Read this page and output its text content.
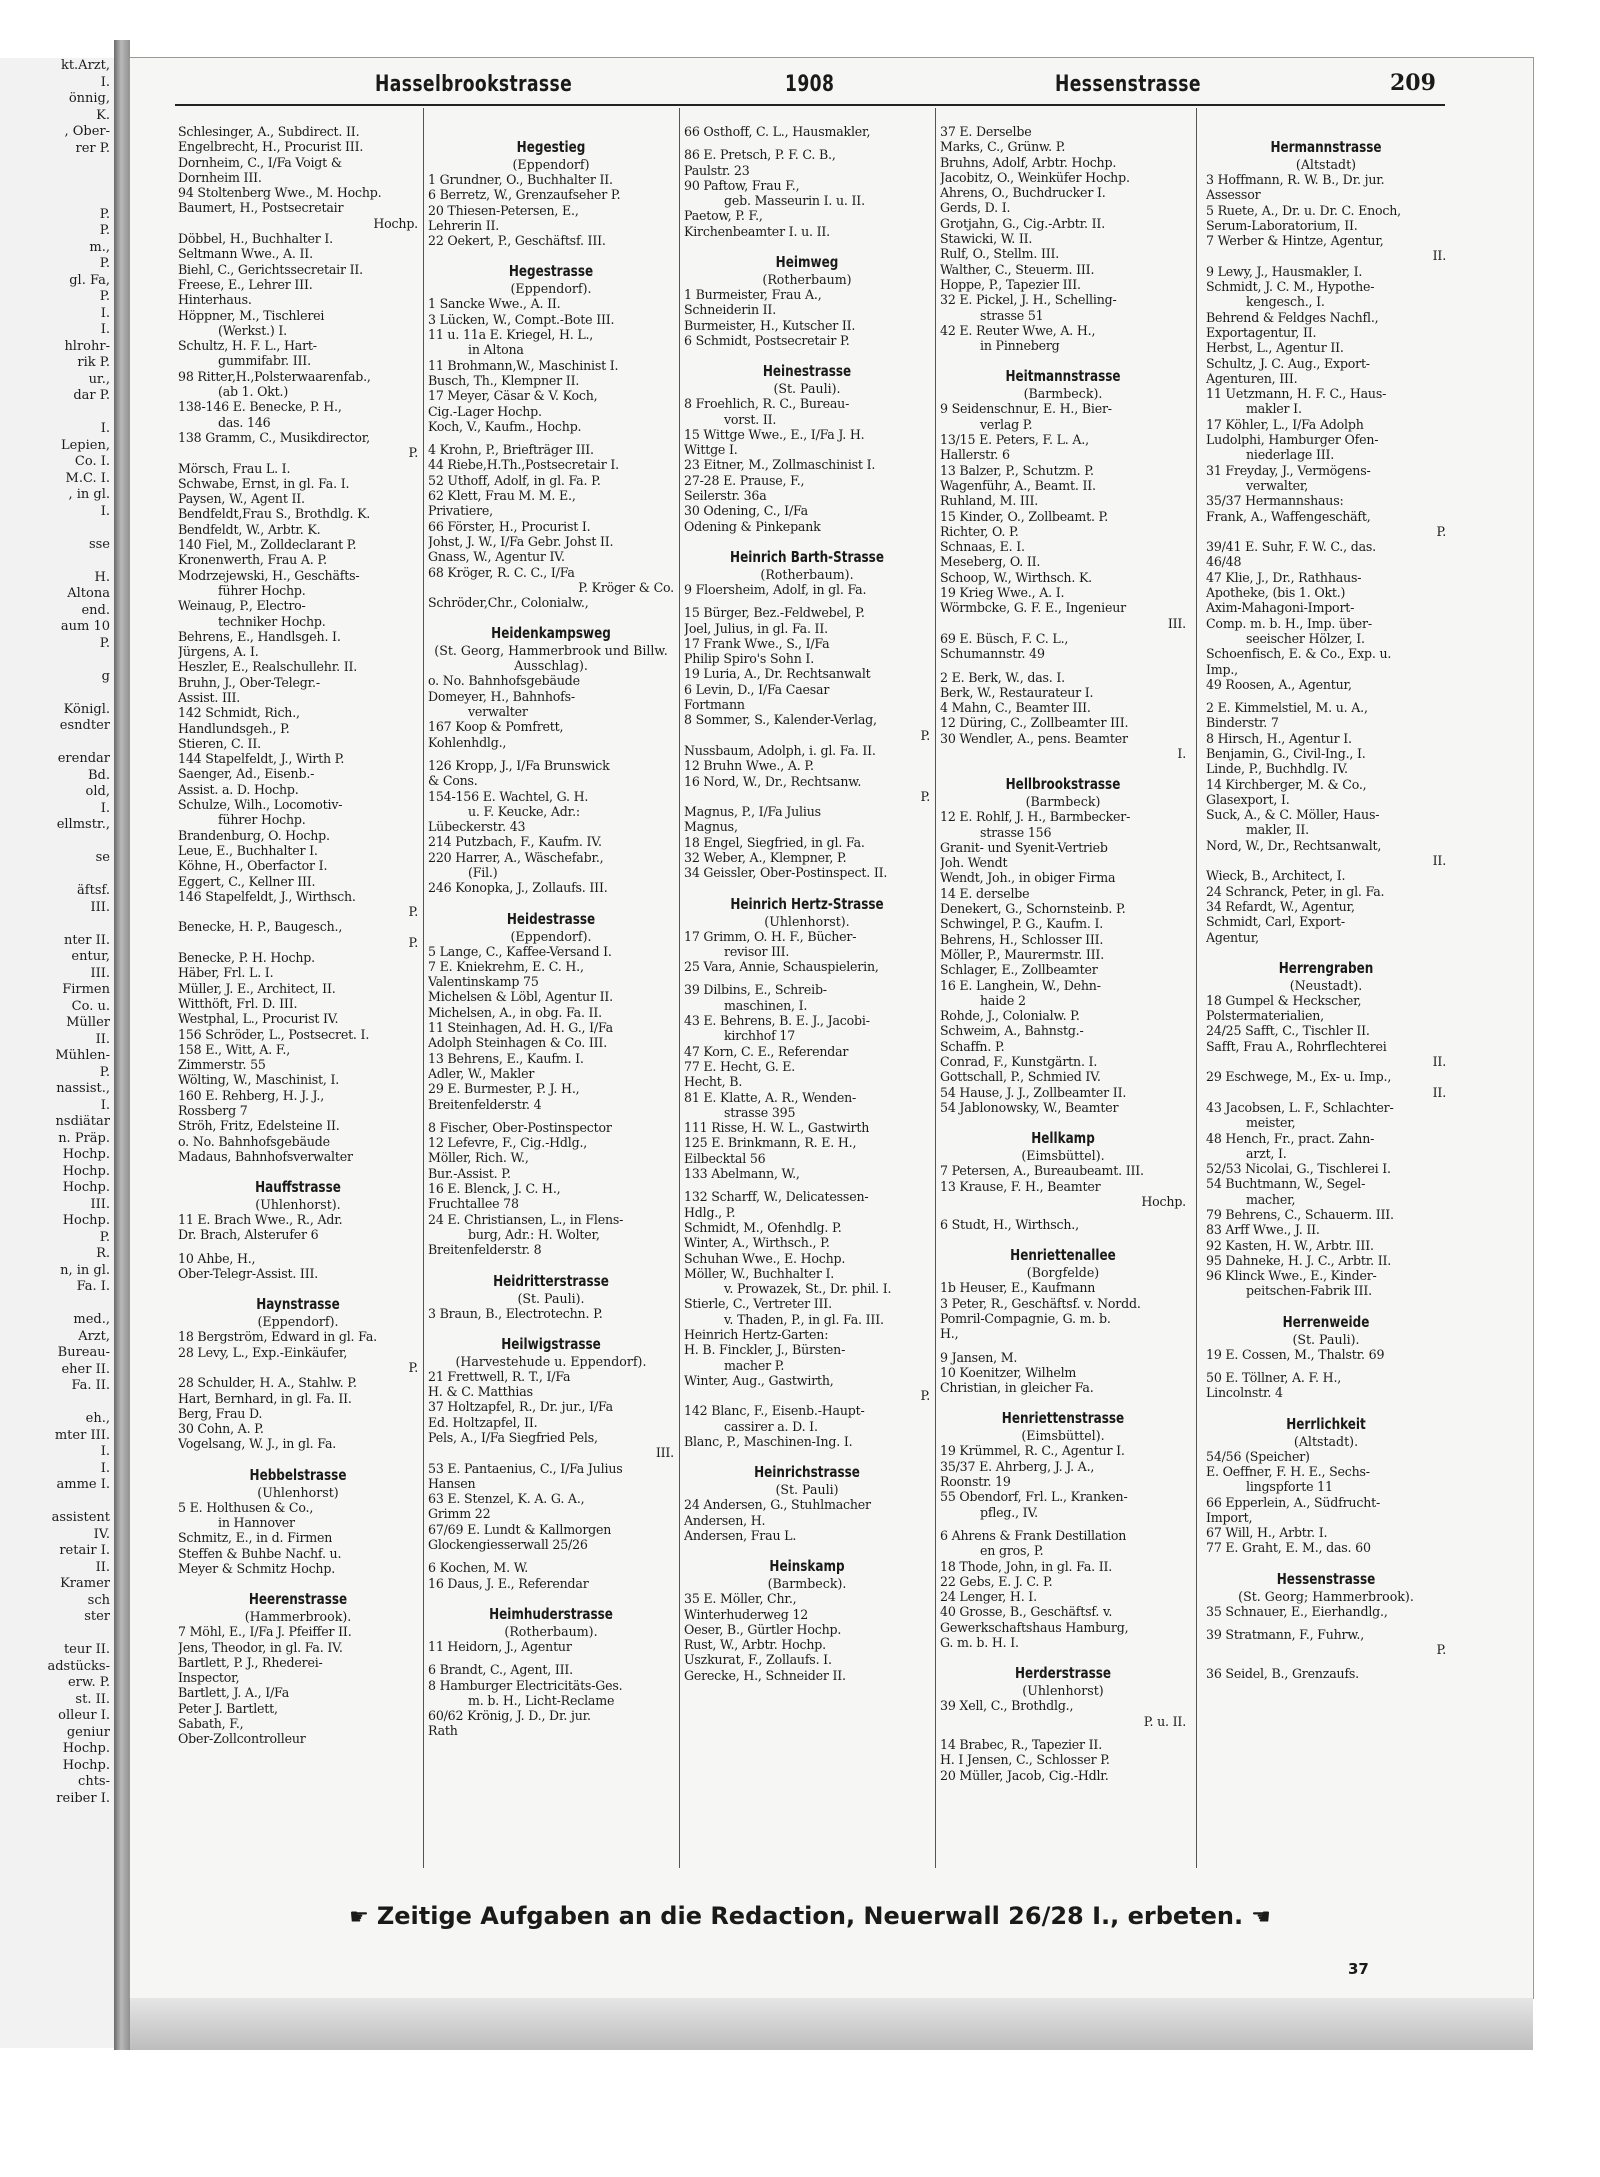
kt.Arzt,
I.
önnig,
K.
, Ober-
rer P.
P.
P.
m.,
P.
gl. Fa,
P.
I.
I.
hlrohr-
rik P.
ur.,
dar P.
I.
Lepien,
Co. I.
M.C. I.
, in gl.
I.
sse
H.
Altona
end.
aum 10
P.
g
Königl.
esndter
erendar
Bd.
old,
I.
ellmstr.,
se
äftsf.
III.
nter II.
entur,
III.
Firmen
Co. u.
Müller
II.
Mühlen-
P.
nassist.,
I.
nsdiätar
n. Präp.
Hochp.
Hochp.
Hochp.
III.
Hochp.
P.
R.
n, in gl.
Fa. I.
med.,
Arzt,
Bureau-
eher II.
Fa. II.
eh.,
mter III.
I.
I.
amme I.
assistent
IV.
retair I.
II.
Kramer
sch
ster
teur II.
adstücks-
erw. P.
st. II.
olleur I.
geniur
Hochp.
Hochp.
chts-
reiber I.
Hasselbrookstrasse	1908	Hessenstrasse	209
Schlesinger, A., Subdirect. II.
Engelbrecht, H., Procurist III.
Dornheim, C., I/Fa Voigt &
Dornheim III.
94 Stoltenberg Wwe., M. Hochp.
Baumert, H., Postsecretair
Hochp.
Döbbel, H., Buchhalter I.
Seltmann Wwe., A. II.
Biehl, C., Gerichtssecretair II.
Freese, E., Lehrer III.
Hinterhaus.
Höppner, M., Tischlerei
(Werkst.) I.
Schultz, H. F. L., Hart-
gummifabr. III.
98 Ritter,H.,Polsterwaarenfab.,
(ab 1. Okt.)
138-146 E. Benecke, P. H.,
das. 146
138 Gramm, C., Musikdirector,
P.
Mörsch, Frau L. I.
Schwabe, Ernst, in gl. Fa. I.
Paysen, W., Agent II.
Bendfeldt,Frau S., Brothdlg. K.
Bendfeldt, W., Arbtr. K.
140 Fiel, M., Zolldeclarant P.
Kronenwerth, Frau A. P.
Modrzejewski, H., Geschäfts-
führer Hochp.
Weinaug, P., Electro-
techniker Hochp.
Behrens, E., Handlsgeh. I.
Jürgens, A. I.
Heszler, E., Realschullehr. II.
Bruhn, J., Ober-Telegr.-
Assist. III.
142 Schmidt, Rich.,
Handlundsgeh., P.
Stieren, C. II.
144 Stapelfeldt, J., Wirth P.
Saenger, Ad., Eisenb.-
Assist. a. D. Hochp.
Schulze, Wilh., Locomotiv-
führer Hochp.
Brandenburg, O. Hochp.
Leue, E., Buchhalter I.
Köhne, H., Oberfactor I.
Eggert, C., Kellner III.
146 Stapelfeldt, J., Wirthsch.
P.
Benecke, H. P., Baugesch.,
P.
Benecke, P. H. Hochp.
Häber, Frl. L. I.
Müller, J. E., Architect, II.
Witthöft, Frl. D. III.
Westphal, L., Procurist IV.
156 Schröder, L., Postsecret. I.
158 E., Witt, A. F.,
Zimmerstr. 55
Wölting, W., Maschinist, I.
160 E. Rehberg, H. J. J.,
Rossberg 7
Ströh, Fritz, Edelsteine II.
o. No. Bahnhofsgebäude
Madaus, Bahnhofsverwalter
Hauffstrasse
(Uhlenhorst).
11 E. Brach Wwe., R., Adr.
Dr. Brach, Alsterufer 6
10 Ahbe, H.,
Ober-Telegr-Assist. III.
Haynstrasse
(Eppendorf).
18 Bergström, Edward in gl. Fa.
28 Levy, L., Exp.-Einkäufer,
P.
28 Schulder, H. A., Stahlw. P.
Hart, Bernhard, in gl. Fa. II.
Berg, Frau D.
30 Cohn, A. P.
Vogelsang, W. J., in gl. Fa.
Hebbelstrasse
(Uhlenhorst)
5 E. Holthusen & Co.,
in Hannover
Schmitz, E., in d. Firmen
Steffen & Buhbe Nachf. u.
Meyer & Schmitz Hochp.
Heerenstrasse
(Hammerbrook).
7 Möhl, E., I/Fa J. Pfeiffer II.
Jens, Theodor, in gl. Fa. IV.
Bartlett, P. J., Rhederei-
Inspector,
Bartlett, J. A., I/Fa
Peter J. Bartlett,
Sabath, F.,
Ober-Zollcontrolleur
Hegestieg
(Eppendorf)
1 Grundner, O., Buchhalter II.
6 Berretz, W., Grenzaufseher P.
20 Thiesen-Petersen, E.,
Lehrerin II.
22 Oekert, P., Geschäftsf. III.
Hegestrasse
(Eppendorf).
1 Sancke Wwe., A. II.
3 Lücken, W., Compt.-Bote III.
11 u. 11a E. Kriegel, H. L.,
in Altona
11 Brohmann,W., Maschinist I.
Busch, Th., Klempner II.
17 Meyer, Cäsar & V. Koch,
Cig.-Lager Hochp.
Koch, V., Kaufm., Hochp.
4 Krohn, P., Briefträger III.
44 Riebe,H.Th.,Postsecretair I.
52 Uthoff, Adolf, in gl. Fa. P.
62 Klett, Frau M. M. E.,
Privatiere,
66 Förster, H., Procurist I.
Johst, J. W., I/Fa Gebr. Johst II.
Gnass, W., Agentur IV.
68 Kröger, R. C. C., I/Fa
P. Kröger & Co.
Schröder,Chr., Colonialw.,
Heidenkampsweg
(St. Georg, Hammerbrook und Billw. Ausschlag).
o. No. Bahnhofsgebäude
Domeyer, H., Bahnhofs-
verwalter
167 Koop & Pomfrett,
Kohlenhdlg.,
126 Kropp, J., I/Fa Brunswick
& Cons.
154-156 E. Wachtel, G. H.
u. F. Keucke, Adr.:
Lübeckerstr. 43
214 Putzbach, F., Kaufm. IV.
220 Harrer, A., Wäschefabr.,
(Fil.)
246 Konopka, J., Zollaufs. III.
Heidestrasse
(Eppendorf).
5 Lange, C., Kaffee-Versand I.
7 E. Kniekrehm, E. C. H.,
Valentinskamp 75
Michelsen & Löbl, Agentur II.
Michelsen, A., in obg. Fa. II.
11 Steinhagen, Ad. H. G., I/Fa
Adolph Steinhagen & Co. III.
13 Behrens, E., Kaufm. I.
Adler, W., Makler
29 E. Burmester, P. J. H.,
Breitenfelderstr. 4
8 Fischer, Ober-Postinspector
12 Lefevre, F., Cig.-Hdlg.,
Möller, Rich. W.,
Bur.-Assist. P.
16 E. Blenck, J. C. H.,
Fruchtallee 78
24 E. Christiansen, L., in Flens-
burg, Adr.: H. Wolter,
Breitenfelderstr. 8
Heidritterstrasse
(St. Pauli).
3 Braun, B., Electrotechn. P.
Heilwigstrasse
(Harvestehude u. Eppendorf).
21 Frettwell, R. T., I/Fa
H. & C. Matthias
37 Holtzapfel, R., Dr. jur., I/Fa
Ed. Holtzapfel, II.
Pels, A., I/Fa Siegfried Pels,
III.
53 E. Pantaenius, C., I/Fa Julius
Hansen
63 E. Stenzel, K. A. G. A.,
Grimm 22
67/69 E. Lundt & Kallmorgen
Glockengiesserwall 25/26
6 Kochen, M. W.
16 Daus, J. E., Referendar
Heimhuderstrasse
(Rotherbaum).
11 Heidorn, J., Agentur
6 Brandt, C., Agent, III.
8 Hamburger Electricitäts-Ges.
m. b. H., Licht-Reclame
60/62 Krönig, J. D., Dr. jur.
Rath
66 Osthoff, C. L., Hausmakler,
86 E. Pretsch, P. F. C. B.,
Paulstr. 23
90 Paftow, Frau F.,
geb. Masseurin I. u. II.
Paetow, P. F.,
Kirchenbeamter I. u. II.
Heimweg
(Rotherbaum)
1 Burmeister, Frau A.,
Schneiderin II.
Burmeister, H., Kutscher II.
6 Schmidt, Postsecretair P.
Heinestrasse
(St. Pauli).
8 Froehlich, R. C., Bureau-
vorst. II.
15 Wittge Wwe., E., I/Fa J. H.
Wittge I.
23 Eitner, M., Zollmaschinist I.
27-28 E. Prause, F.,
Seilerstr. 36a
30 Odening, C., I/Fa
Odening & Pinkepank
Heinrich Barth-Strasse
(Rotherbaum).
9 Floersheim, Adolf, in gl. Fa.
15 Bürger, Bez.-Feldwebel, P.
Joel, Julius, in gl. Fa. II.
17 Frank Wwe., S., I/Fa
Philip Spiro's Sohn I.
19 Luria, A., Dr. Rechtsanwalt
6 Levin, D., I/Fa Caesar
Fortmann
8 Sommer, S., Kalender-Verlag,
P.
Nussbaum, Adolph, i. gl. Fa. II.
12 Bruhn Wwe., A. P.
16 Nord, W., Dr., Rechtsanw.
P.
Magnus, P., I/Fa Julius
Magnus,
18 Engel, Siegfried, in gl. Fa.
32 Weber, A., Klempner, P.
34 Geissler, Ober-Postinspect. II.
Heinrich Hertz-Strasse
(Uhlenhorst).
17 Grimm, O. H. F., Bücher-
revisor III.
25 Vara, Annie, Schauspielerin,
39 Dilbins, E., Schreib-
maschinen, I.
43 E. Behrens, B. E. J., Jacobi-
kirchhof 17
47 Korn, C. E., Referendar
77 E. Hecht, G. E.
Hecht, B.
81 E. Klatte, A. R., Wenden-
strasse 395
111 Risse, H. W. L., Gastwirth
125 E. Brinkmann, R. E. H.,
Eilbecktal 56
133 Abelmann, W.,
132 Scharff, W., Delicatessen-
Hdlg., P.
Schmidt, M., Ofenhdlg. P.
Winter, A., Wirthsch., P.
Schuhan Wwe., E. Hochp.
Möller, W., Buchhalter I.
v. Prowazek, St., Dr. phil. I.
Stierle, C., Vertreter III.
v. Thaden, P., in gl. Fa. III.
Heinrich Hertz-Garten:
H. B. Finckler, J., Bürsten-
macher P.
Winter, Aug., Gastwirth,
P.
142 Blanc, F., Eisenb.-Haupt-
cassirer a. D. I.
Blanc, P., Maschinen-Ing. I.
Heinrichstrasse
(St. Pauli)
24 Andersen, G., Stuhlmacher
Andersen, H.
Andersen, Frau L.
Heinskamp
(Barmbeck).
35 E. Möller, Chr.,
Winterhuderweg 12
Oeser, B., Gürtler Hochp.
Rust, W., Arbtr. Hochp.
Uszkurat, F., Zollaufs. I.
Gerecke, H., Schneider II.
37 E. Derselbe
Marks, C., Grünw. P.
Bruhns, Adolf, Arbtr. Hochp.
Jacobitz, O., Weinküfer Hochp.
Ahrens, O., Buchdrucker I.
Gerds, D. I.
Grotjahn, G., Cig.-Arbtr. II.
Stawicki, W. II.
Rulf, O., Stellm. III.
Walther, C., Steuerm. III.
Hoppe, P., Tapezier III.
32 E. Pickel, J. H., Schelling-
strasse 51
42 E. Reuter Wwe, A. H.,
in Pinneberg
Heitmannstrasse
(Barmbeck).
9 Seidenschnur, E. H., Bier-
verlag P.
13/15 E. Peters, F. L. A.,
Hallerstr. 6
13 Balzer, P., Schutzm. P.
Wagenführ, A., Beamt. II.
Ruhland, M. III.
15 Kinder, O., Zollbeamt. P.
Richter, O. P.
Schnaas, E. I.
Meseberg, O. II.
Schoop, W., Wirthsch. K.
19 Krieg Wwe., A. I.
Wörmbcke, G. F. E., Ingenieur
III.
69 E. Büsch, F. C. L.,
Schumannstr. 49
2 E. Berk, W., das. I.
Berk, W., Restaurateur I.
4 Mahn, C., Beamter III.
12 Düring, C., Zollbeamter III.
30 Wendler, A., pens. Beamter
I.
Hellbrookstrasse
(Barmbeck)
12 E. Rohlf, J. H., Barmbecker-
strasse 156
Granit- und Syenit-Vertrieb
Joh. Wendt
Wendt, Joh., in obiger Firma
14 E. derselbe
Denekert, G., Schornsteinb. P.
Schwingel, P. G., Kaufm. I.
Behrens, H., Schlosser III.
Möller, P., Maurermstr. III.
Schlager, E., Zollbeamter
16 E. Langhein, W., Dehn-
haide 2
Rohde, J., Colonialw. P.
Schweim, A., Bahnstg.-
Schaffn. P.
Conrad, F., Kunstgärtn. I.
Gottschall, P., Schmied IV.
54 Hause, J. J., Zollbeamter II.
54 Jablonowsky, W., Beamter
Hellkamp
(Eimsbüttel).
7 Petersen, A., Bureaubeamt. III.
13 Krause, F. H., Beamter
Hochp.
6 Studt, H., Wirthsch.,
Henriettenallee
(Borgfelde)
1b Heuser, E., Kaufmann
3 Peter, R., Geschäftsf. v. Nordd.
Pomril-Compagnie, G. m. b.
H.,
9 Jansen, M.
10 Koenitzer, Wilhelm
Christian, in gleicher Fa.
Henriettenstrasse
(Eimsbüttel).
19 Krümmel, R. C., Agentur I.
35/37 E. Ahrberg, J. J. A.,
Roonstr. 19
55 Obendorf, Frl. L., Kranken-
pfleg., IV.
6 Ahrens & Frank Destillation
en gros, P.
18 Thode, John, in gl. Fa. II.
22 Gebs, E. J. C. P.
24 Lenger, H. I.
40 Grosse, B., Geschäftsf. v.
Gewerkschaftshaus Hamburg,
G. m. b. H. I.
Herderstrasse
(Uhlenhorst)
39 Xell, C., Brothdlg.,
P. u. II.
14 Brabec, R., Tapezier II.
H. I Jensen, C., Schlosser P.
20 Müller, Jacob, Cig.-Hdlr.
Hermannstrasse
(Altstadt)
3 Hoffmann, R. W. B., Dr. jur.
Assessor
5 Ruete, A., Dr. u. Dr. C. Enoch,
Serum-Laboratorium, II.
7 Werber & Hintze, Agentur,
II.
9 Lewy, J., Hausmakler, I.
Schmidt, J. C. M., Hypothe-
kengesch., I.
Behrend & Feldges Nachfl.,
Exportagentur, II.
Herbst, L., Agentur II.
Schultz, J. C. Aug., Export-
Agenturen, III.
11 Uetzmann, H. F. C., Haus-
makler I.
17 Köhler, L., I/Fa Adolph
Ludolphi, Hamburger Ofen-
niederlage III.
31 Freyday, J., Vermögens-
verwalter,
35/37 Hermannshaus:
Frank, A., Waffengeschäft,
P.
39/41 E. Suhr, F. W. C., das.
46/48
47 Klie, J., Dr., Rathhaus-
Apotheke, (bis 1. Okt.)
Axim-Mahagoni-Import-
Comp. m. b. H., Imp. über-
seeischer Hölzer, I.
Schoenfisch, E. & Co., Exp. u.
Imp.,
49 Roosen, A., Agentur,
2 E. Kimmelstiel, M. u. A.,
Binderstr. 7
8 Hirsch, H., Agentur I.
Benjamin, G., Civil-Ing., I.
Linde, P., Buchhdlg. IV.
14 Kirchberger, M. & Co.,
Glasexport, I.
Suck, A., & C. Möller, Haus-
makler, II.
Nord, W., Dr., Rechtsanwalt,
II.
Wieck, B., Architect, I.
24 Schranck, Peter, in gl. Fa.
34 Refardt, W., Agentur,
Schmidt, Carl, Export-
Agentur,
Herrengraben
(Neustadt).
18 Gumpel & Heckscher,
Polstermaterialien,
24/25 Safft, C., Tischler II.
Safft, Frau A., Rohrflechterei
II.
29 Eschwege, M., Ex- u. Imp.,
II.
43 Jacobsen, L. F., Schlachter-
meister,
48 Hench, Fr., pract. Zahn-
arzt, I.
52/53 Nicolai, G., Tischlerei I.
54 Buchtmann, W., Segel-
macher,
79 Behrens, C., Schauerm. III.
83 Arff Wwe., J. II.
92 Kasten, H. W., Arbtr. III.
95 Dahneke, H. J. C., Arbtr. II.
96 Klinck Wwe., E., Kinder-
peitschen-Fabrik III.
Herrenweide
(St. Pauli).
19 E. Cossen, M., Thalstr. 69
50 E. Töllner, A. F. H.,
Lincolnstr. 4
Herrlichkeit
(Altstadt).
54/56 (Speicher)
E. Oeffner, F. H. E., Sechs-
lingspforte 11
66 Epperlein, A., Südfrucht-
Import,
67 Will, H., Arbtr. I.
77 E. Graht, E. M., das. 60
Hessenstrasse
(St. Georg; Hammerbrook).
35 Schnauer, E., Eierhandlg.,
39 Stratmann, F., Fuhrw.,
P.
36 Seidel, B., Grenzaufs.
☛ Zeitige Aufgaben an die Redaction, Neuerwall 26/28 I., erbeten. ☚
37
